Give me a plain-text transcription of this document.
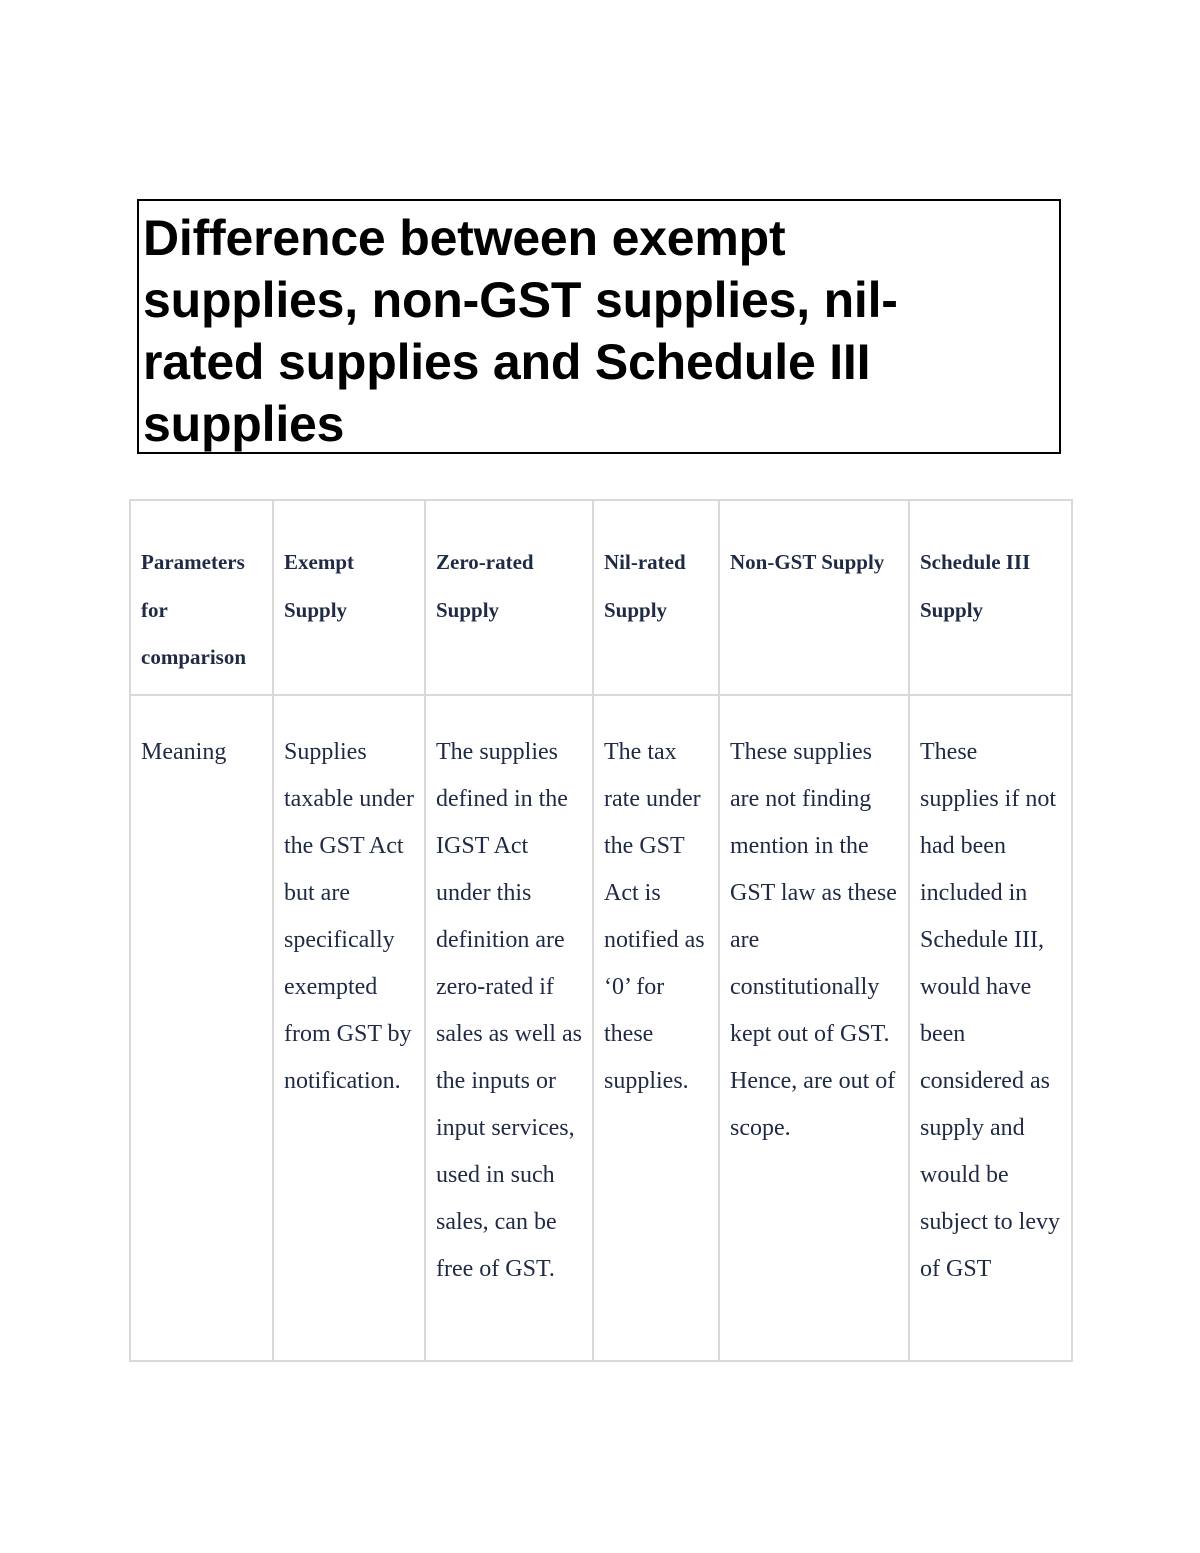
Difference between exempt supplies, non-GST supplies, nil-rated supplies and Schedule III supplies
Parameters for comparison	Exempt Supply	Zero-rated Supply	Nil-rated Supply	Non-GST Supply	Schedule III Supply

Meaning	Supplies taxable under the GST Act but are specifically exempted from GST by notification.	The supplies defined in the IGST Act under this definition are zero-rated if sales as well as the inputs or input services, used in such sales, can be free of GST.	The tax rate under the GST Act is notified as ‘0’ for these supplies.	These supplies are not finding mention in the GST law as these are constitutionally kept out of GST. Hence, are out of scope.	These supplies if not had been included in Schedule III, would have been considered as supply and would be subject to levy of GST
